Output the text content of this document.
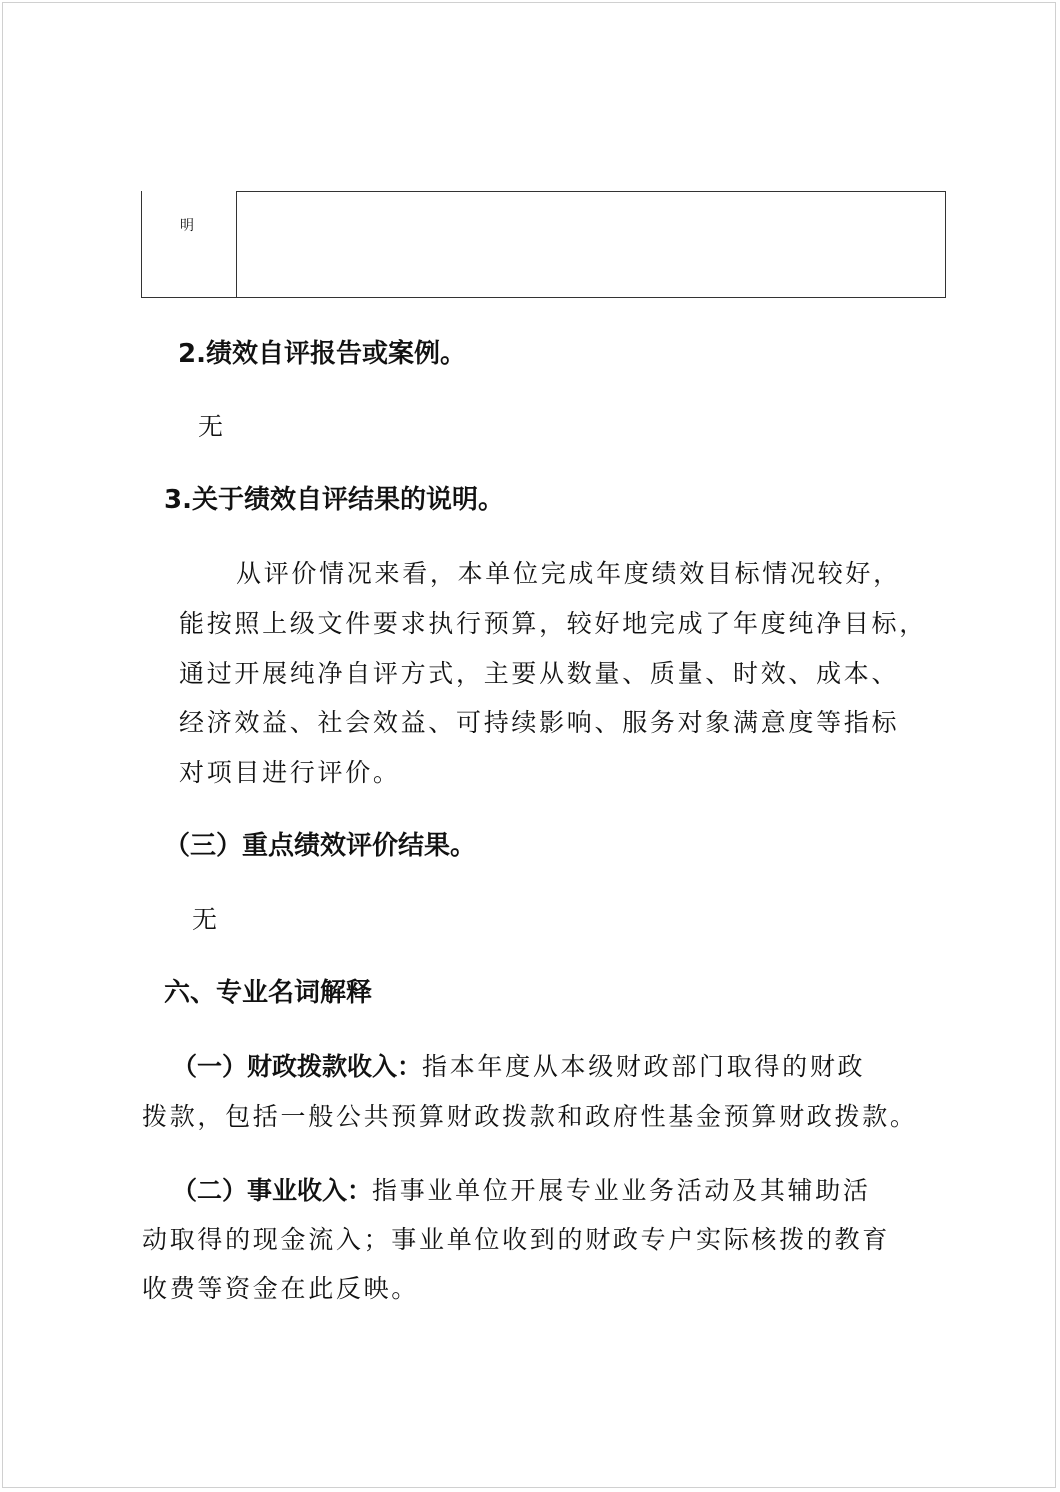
明
2.绩效自评报告或案例。
无
3.关于绩效自评结果的说明。
从评价情况来看，本单位完成年度绩效目标情况较好，
能按照上级文件要求执行预算，较好地完成了年度纯净目标，
通过开展纯净自评方式，主要从数量、质量、时效、成本、
经济效益、社会效益、可持续影响、服务对象满意度等指标
对项目进行评价。
（三）重点绩效评价结果。
无
六、专业名词解释
（一）财政拨款收入：指本年度从本级财政部门取得的财政
拨款，包括一般公共预算财政拨款和政府性基金预算财政拨款。
（二）事业收入：指事业单位开展专业业务活动及其辅助活
动取得的现金流入；事业单位收到的财政专户实际核拨的教育
收费等资金在此反映。
